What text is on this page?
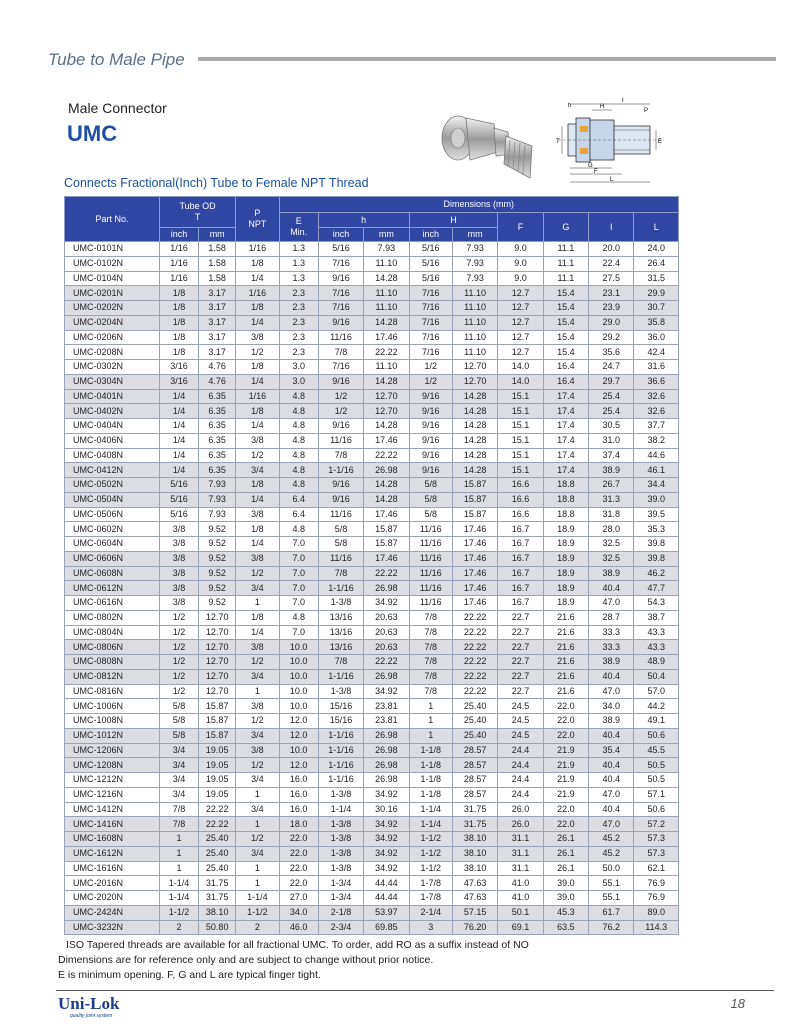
Tube to Male Pipe
Male Connector
UMC
h
I
H
P
T	E
G
F
L
Connects Fractional(Inch) Tube to Female NPT Thread
Part No.	Tube OD
T		P
NPT	Dimensions (mm)								
				E
Min.	h		H		F	G	I	L
	inch	mm			inch	mm	inch	mm				
UMC-0101N	1/16	1.58	1/16	1.3	5/16	7.93	5/16	7.93	9.0	11.1	20.0	24.0
UMC-0102N	1/16	1.58	1/8	1.3	7/16	11.10	5/16	7.93	9.0	11.1	22.4	26.4
UMC-0104N	1/16	1.58	1/4	1.3	9/16	14.28	5/16	7.93	9.0	11.1	27.5	31.5
UMC-0201N	1/8	3.17	1/16	2.3	7/16	11.10	7/16	11.10	12.7	15.4	23.1	29.9
UMC-0202N	1/8	3.17	1/8	2.3	7/16	11.10	7/16	11.10	12.7	15.4	23.9	30.7
UMC-0204N	1/8	3.17	1/4	2.3	9/16	14.28	7/16	11.10	12.7	15.4	29.0	35.8
UMC-0206N	1/8	3.17	3/8	2.3	11/16	17.46	7/16	11.10	12.7	15.4	29.2	36.0
UMC-0208N	1/8	3.17	1/2	2.3	7/8	22.22	7/16	11.10	12.7	15.4	35.6	42.4
UMC-0302N	3/16	4.76	1/8	3.0	7/16	11.10	1/2	12.70	14.0	16.4	24.7	31.6
UMC-0304N	3/16	4.76	1/4	3.0	9/16	14.28	1/2	12.70	14.0	16.4	29.7	36.6
UMC-0401N	1/4	6.35	1/16	4.8	1/2	12.70	9/16	14.28	15.1	17.4	25.4	32.6
UMC-0402N	1/4	6.35	1/8	4.8	1/2	12.70	9/16	14.28	15.1	17.4	25.4	32.6
UMC-0404N	1/4	6.35	1/4	4.8	9/16	14.28	9/16	14.28	15.1	17.4	30.5	37.7
UMC-0406N	1/4	6.35	3/8	4.8	11/16	17.46	9/16	14.28	15.1	17.4	31.0	38.2
UMC-0408N	1/4	6.35	1/2	4.8	7/8	22.22	9/16	14.28	15.1	17.4	37.4	44.6
UMC-0412N	1/4	6.35	3/4	4.8	1-1/16	26.98	9/16	14.28	15.1	17.4	38.9	46.1
UMC-0502N	5/16	7.93	1/8	4.8	9/16	14.28	5/8	15.87	16.6	18.8	26.7	34.4
UMC-0504N	5/16	7.93	1/4	6.4	9/16	14.28	5/8	15.87	16.6	18.8	31.3	39.0
UMC-0506N	5/16	7.93	3/8	6.4	11/16	17.46	5/8	15.87	16.6	18.8	31.8	39.5
UMC-0602N	3/8	9.52	1/8	4.8	5/8	15.87	11/16	17.46	16.7	18.9	28.0	35.3
UMC-0604N	3/8	9.52	1/4	7.0	5/8	15.87	11/16	17.46	16.7	18.9	32.5	39.8
UMC-0606N	3/8	9.52	3/8	7.0	11/16	17.46	11/16	17.46	16.7	18.9	32.5	39.8
UMC-0608N	3/8	9.52	1/2	7.0	7/8	22.22	11/16	17.46	16.7	18.9	38.9	46.2
UMC-0612N	3/8	9.52	3/4	7.0	1-1/16	26.98	11/16	17.46	16.7	18.9	40.4	47.7
UMC-0616N	3/8	9.52	1	7.0	1-3/8	34.92	11/16	17.46	16.7	18.9	47.0	54.3
UMC-0802N	1/2	12.70	1/8	4.8	13/16	20.63	7/8	22.22	22.7	21.6	28.7	38.7
UMC-0804N	1/2	12.70	1/4	7.0	13/16	20.63	7/8	22.22	22.7	21.6	33.3	43.3
UMC-0806N	1/2	12.70	3/8	10.0	13/16	20.63	7/8	22.22	22.7	21.6	33.3	43.3
UMC-0808N	1/2	12.70	1/2	10.0	7/8	22.22	7/8	22.22	22.7	21.6	38.9	48.9
UMC-0812N	1/2	12.70	3/4	10.0	1-1/16	26.98	7/8	22.22	22.7	21.6	40.4	50.4
UMC-0816N	1/2	12.70	1	10.0	1-3/8	34.92	7/8	22.22	22.7	21.6	47.0	57.0
UMC-1006N	5/8	15.87	3/8	10.0	15/16	23.81	1	25.40	24.5	22.0	34.0	44.2
UMC-1008N	5/8	15.87	1/2	12.0	15/16	23.81	1	25.40	24.5	22.0	38.9	49.1
UMC-1012N	5/8	15.87	3/4	12.0	1-1/16	26.98	1	25.40	24.5	22.0	40.4	50.6
UMC-1206N	3/4	19.05	3/8	10.0	1-1/16	26.98	1-1/8	28.57	24.4	21.9	35.4	45.5
UMC-1208N	3/4	19.05	1/2	12.0	1-1/16	26.98	1-1/8	28.57	24.4	21.9	40.4	50.5
UMC-1212N	3/4	19.05	3/4	16.0	1-1/16	26.98	1-1/8	28.57	24.4	21.9	40.4	50.5
UMC-1216N	3/4	19.05	1	16.0	1-3/8	34.92	1-1/8	28.57	24.4	21.9	47.0	57.1
UMC-1412N	7/8	22.22	3/4	16.0	1-1/4	30.16	1-1/4	31.75	26.0	22.0	40.4	50.6
UMC-1416N	7/8	22.22	1	18.0	1-3/8	34.92	1-1/4	31.75	26.0	22.0	47.0	57.2
UMC-1608N	1	25.40	1/2	22.0	1-3/8	34.92	1-1/2	38.10	31.1	26.1	45.2	57.3
UMC-1612N	1	25.40	3/4	22.0	1-3/8	34.92	1-1/2	38.10	31.1	26.1	45.2	57.3
UMC-1616N	1	25.40	1	22.0	1-3/8	34.92	1-1/2	38.10	31.1	26.1	50.0	62.1
UMC-2016N	1-1/4	31.75	1	22.0	1-3/4	44.44	1-7/8	47.63	41.0	39.0	55.1	76.9
UMC-2020N	1-1/4	31.75	1-1/4	27.0	1-3/4	44.44	1-7/8	47.63	41.0	39.0	55.1	76.9
UMC-2424N	1-1/2	38.10	1-1/2	34.0	2-1/8	53.97	2-1/4	57.15	50.1	45.3	61.7	89.0
UMC-3232N	2	50.80	2	46.0	2-3/4	69.85	3	76.20	69.1	63.5	76.2	114.3
ISO Tapered threads are available for all fractional UMC. To order, add RO as a suffix instead of NO
Dimensions are for reference only and are subject to change without prior notice.
E is minimum opening. F, G and L are typical finger tight.
Uni-Lok
quality joint system
18
